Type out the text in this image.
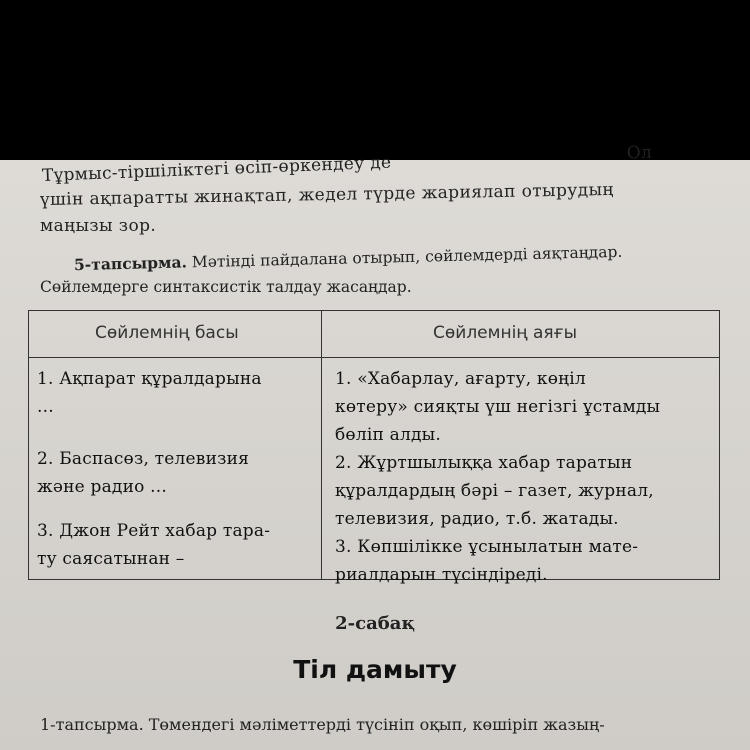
Тұрмыс-тіршіліктегі өсіп-өркендеу де	Ол
үшін ақпаратты жинақтап, жедел түрде жариялап отырудың
маңызы зор.
5-тапсырма. Мәтінді пайдалана отырып, сөйлемдерді аяқтаңдар.
Сөйлемдерге синтаксистік талдау жасаңдар.
Сөйлемнің басы	Сөйлемнің аяғы
1. Ақпарат құралдарына
...
2. Баспасөз, телевизия
және радио ...
3. Джон Рейт хабар тара-
ту саясатынан –
1. «Хабарлау, ағарту, көңіл
көтеру» сияқты үш негізгі ұстамды
бөліп алды.
2. Жұртшылыққа хабар таратын
құралдардың бәрі – газет, журнал,
телевизия, радио, т.б. жатады.
3. Көпшілікке ұсынылатын мате-
риалдарын түсіндіреді.
2-сабақ
Тіл дамыту
1-тапсырма. Төмендегі мәліметтерді түсініп оқып, көшіріп жазың-
